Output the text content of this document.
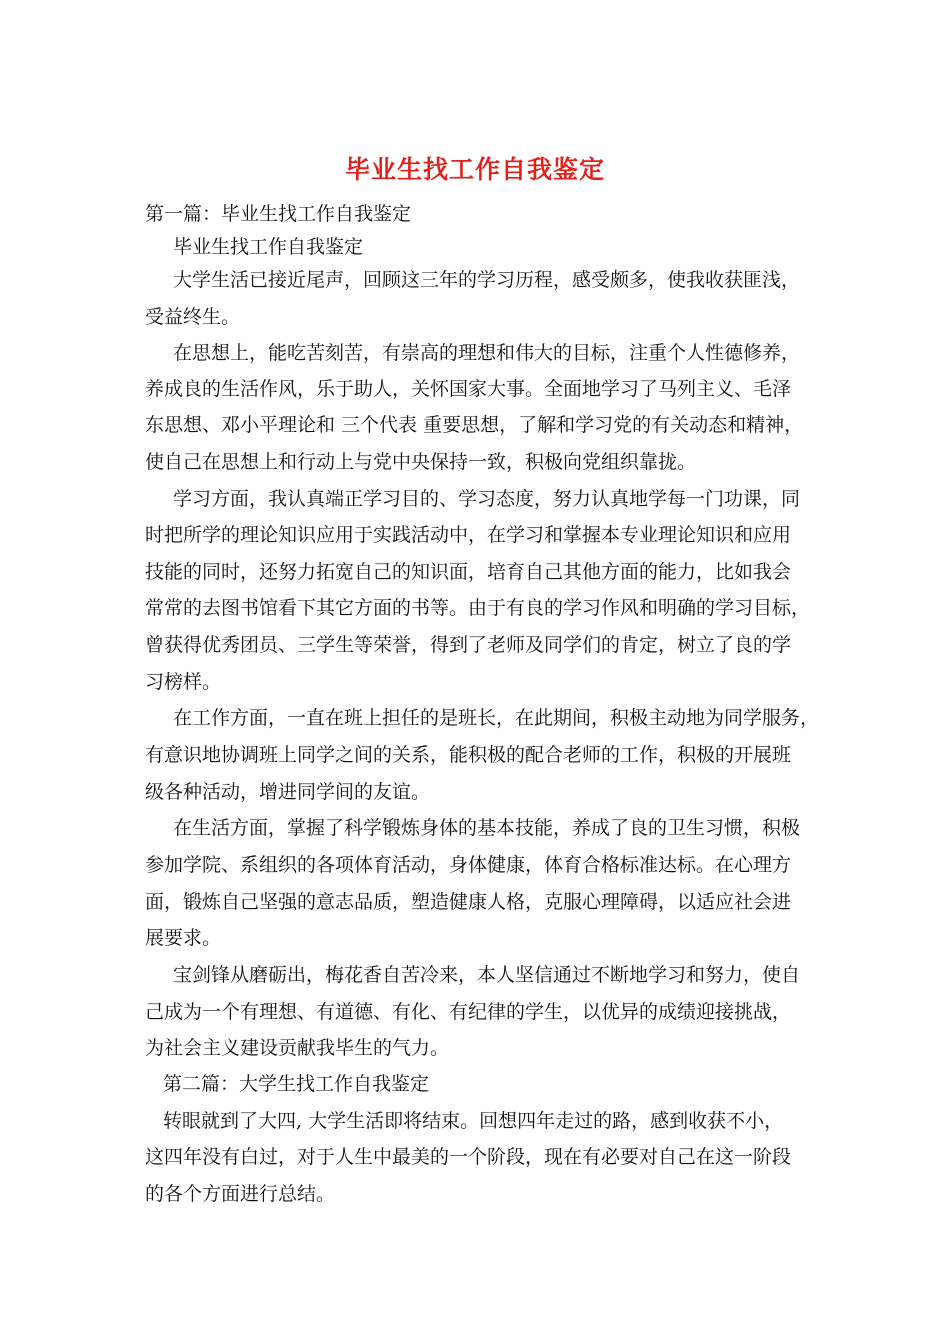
毕业生找工作自我鉴定
第一篇：毕业生找工作自我鉴定
毕业生找工作自我鉴定
大学生活已接近尾声，回顾这三年的学习历程，感受颇多，使我收获匪浅，
受益终生。
在思想上，能吃苦刻苦，有崇高的理想和伟大的目标，注重个人性德修养，
养成良的生活作风，乐于助人，关怀国家大事。全面地学习了马列主义、毛泽
东思想、邓小平理论和 三个代表 重要思想，了解和学习党的有关动态和精神，
使自己在思想上和行动上与党中央保持一致，积极向党组织靠拢。
学习方面，我认真端正学习目的、学习态度，努力认真地学每一门功课，同
时把所学的理论知识应用于实践活动中，在学习和掌握本专业理论知识和应用
技能的同时，还努力拓宽自己的知识面，培育自己其他方面的能力，比如我会
常常的去图书馆看下其它方面的书等。由于有良的学习作风和明确的学习目标，
曾获得优秀团员、三学生等荣誉，得到了老师及同学们的肯定，树立了良的学
习榜样。
在工作方面，一直在班上担任的是班长，在此期间，积极主动地为同学服务，
有意识地协调班上同学之间的关系，能积极的配合老师的工作，积极的开展班
级各种活动，增进同学间的友谊。
在生活方面，掌握了科学锻炼身体的基本技能，养成了良的卫生习惯，积极
参加学院、系组织的各项体育活动，身体健康，体育合格标准达标。在心理方
面，锻炼自己坚强的意志品质，塑造健康人格，克服心理障碍，以适应社会进
展要求。
宝剑锋从磨砺出，梅花香自苦冷来，本人坚信通过不断地学习和努力，使自
己成为一个有理想、有道德、有化、有纪律的学生，以优异的成绩迎接挑战，
为社会主义建设贡献我毕生的气力。
第二篇：大学生找工作自我鉴定
转眼就到了大四, 大学生活即将结束。回想四年走过的路，感到收获不小，
这四年没有白过，对于人生中最美的一个阶段，现在有必要对自己在这一阶段
的各个方面进行总结。
